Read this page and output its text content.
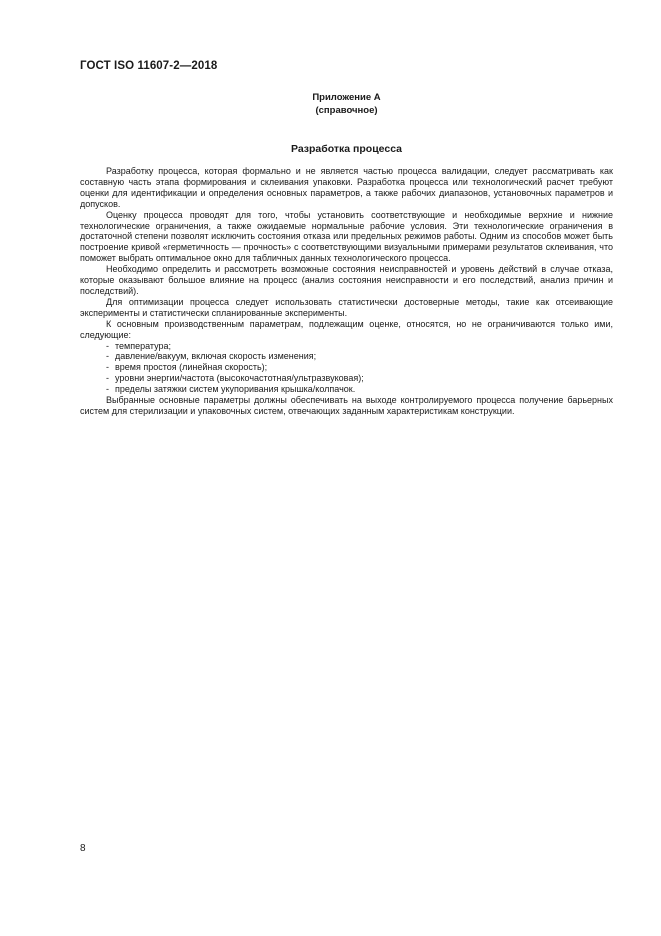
ГОСТ ISO 11607-2—2018
Приложение А
(справочное)
Разработка процесса

Разработку процесса, которая формально и не является частью процесса валидации, следует рассматривать как составную часть этапа формирования и склеивания упаковки. Разработка процесса или технологический расчет требуют оценки для идентификации и определения основных параметров, а также рабочих диапазонов, установочных параметров и допусков.

Оценку процесса проводят для того, чтобы установить соответствующие и необходимые верхние и нижние технологические ограничения, а также ожидаемые нормальные рабочие условия. Эти технологические ограничения в достаточной степени позволят исключить состояния отказа или предельных режимов работы. Одним из способов может быть построение кривой «герметичность — прочность» с соответствующими визуальными примерами результатов склеивания, что поможет выбрать оптимальное окно для табличных данных технологического процесса.

Необходимо определить и рассмотреть возможные состояния неисправностей и уровень действий в случае отказа, которые оказывают большое влияние на процесс (анализ состояния неисправности и его последствий, анализ причин и последствий).

Для оптимизации процесса следует использовать статистически достоверные методы, такие как отсеивающие эксперименты и статистически спланированные эксперименты.

К основным производственным параметрам, подлежащим оценке, относятся, но не ограничиваются только ими, следующие:

- температура;
- давление/вакуум, включая скорость изменения;
- время простоя (линейная скорость);
- уровни энергии/частота (высокочастотная/ультразвуковая);
- пределы затяжки систем укупоривания крышка/колпачок.

Выбранные основные параметры должны обеспечивать на выходе контролируемого процесса получение барьерных систем для стерилизации и упаковочных систем, отвечающих заданным характеристикам конструкции.

8
